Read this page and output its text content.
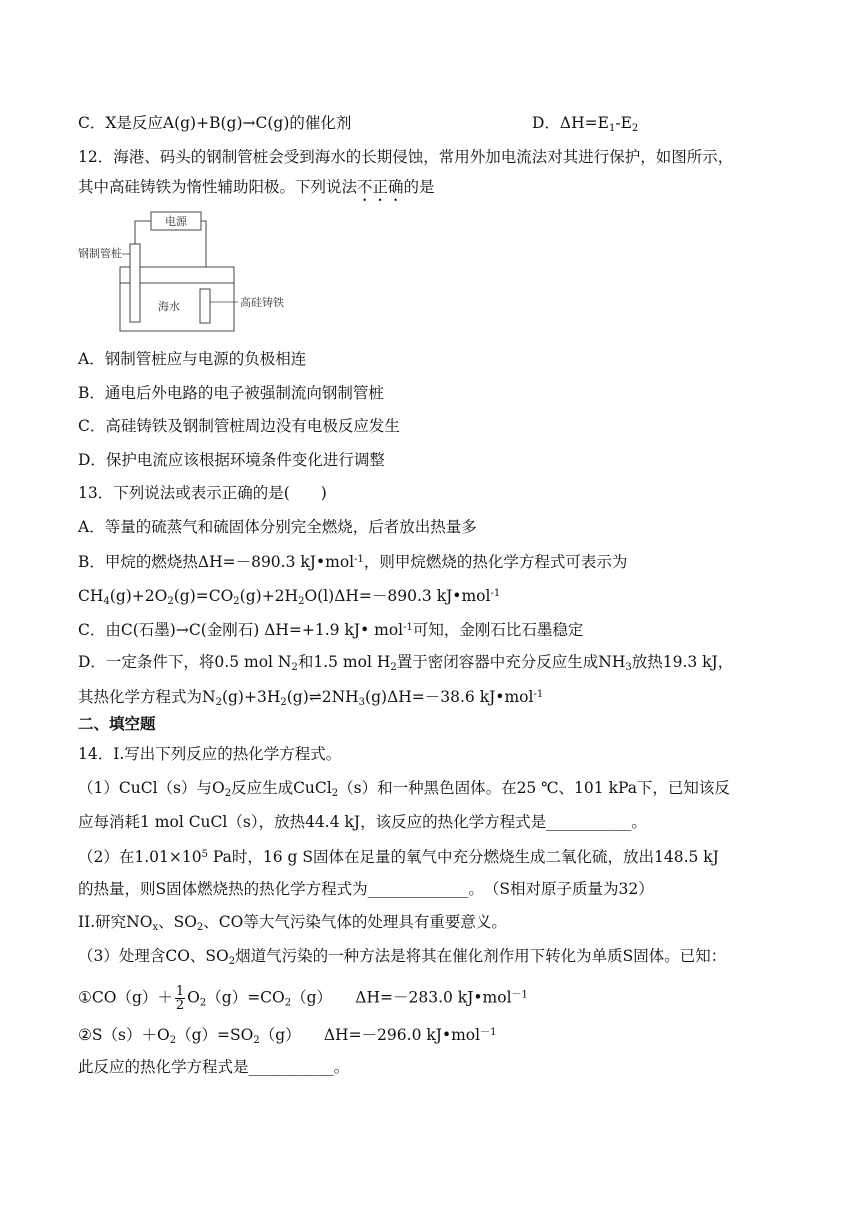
C．X是反应A(g)+B(g)→C(g)的催化剂	D．$\Delta H=E_1-E_2$
12．海港、码头的钢制管桩会受到海水的长期侵蚀，常用外加电流法对其进行保护，如图所示，
其中高硅铸铁为惰性辅助阳极。下列说法不正确的是
电源
钢制管桩
海水	高硅铸铁
A．钢制管桩应与电源的负极相连
B．通电后外电路的电子被强制流向钢制管桩
C．高硅铸铁及钢制管桩周边没有电极反应发生
D．保护电流应该根据环境条件变化进行调整
13．下列说法或表示正确的是(　　)
A．等量的硫蒸气和硫固体分别完全燃烧，后者放出热量多
B．甲烷的燃烧热ΔH=－890.3 kJ•mol$^{-1}$，则甲烷燃烧的热化学方程式可表示为
$CH_4(g)+2O_2(g)=CO_2(g)+2H_2O(l)\Delta H=-890.3$ kJ•mol$^{-1}$
C．由C(石墨)→C(金刚石) ΔH=+1.9 kJ• mol$^{-1}$可知，金刚石比石墨稳定
D．一定条件下，将0.5 mol $N_2$和1.5 mol $H_2$置于密闭容器中充分反应生成$NH_3$放热19.3 kJ，
其热化学方程式为$N_2(g)+3H_2(g)\rightleftharpoons 2NH_3(g)\Delta H=-38.6$ kJ•mol$^{-1}$
二、填空题
14．I.写出下列反应的热化学方程式。
（1）CuCl（s）与$O_2$反应生成CuCl$_2$（s）和一种黑色固体。在25 ℃、101 kPa下，已知该反
应每消耗1 mol CuCl（s），放热44.4 kJ，该反应的热化学方程式是___________。
（2）在$1.01\times 10^5$ Pa时，16 g S固体在足量的氧气中充分燃烧生成二氧化硫，放出148.5 kJ
的热量，则S固体燃烧热的热化学方程式为_____________。　（S相对原子质量为32）
II.研究$NO_x$、$SO_2$、CO等大气污染气体的处理具有重要意义。
（3）处理含CO、$SO_2$烟道气污染的一种方法是将其在催化剂作用下转化为单质S固体。已知：
①CO（g）＋ $\frac{1}{2} O_2(g)=CO_2(g)$　　ΔH=－283.0 kJ•mol$^{-1}$
$②S(s)+O_2(g)=SO_2(g)$　　ΔH=－296.0 kJ•mol$^{-1}$
此反应的热化学方程式是___________。
